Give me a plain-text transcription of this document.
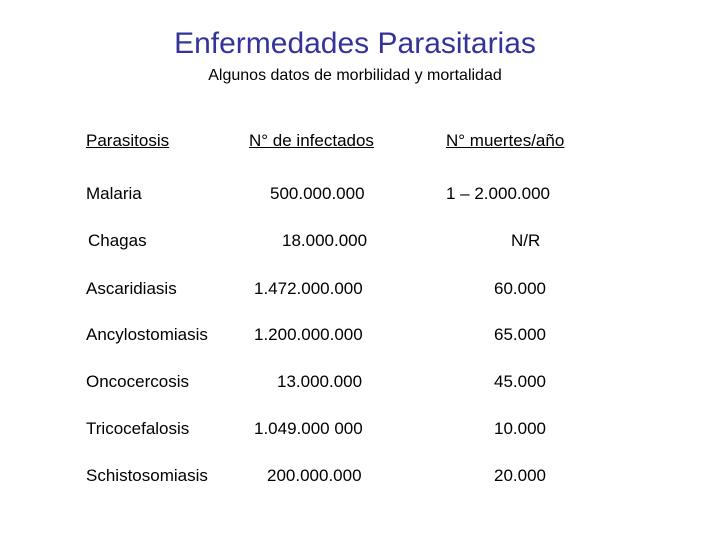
Enfermedades Parasitarias
Algunos datos de morbilidad y mortalidad
Parasitosis	N° de infectados	N° muertes/año
Malaria	500.000.000	1 – 2.000.000
Chagas	18.000.000	N/R
Ascaridiasis	1.472.000.000	60.000
Ancylostomiasis	1.200.000.000	65.000
Oncocercosis	13.000.000	45.000
Tricocefalosis	1.049.000 000	10.000
Schistosomiasis	200.000.000	20.000
